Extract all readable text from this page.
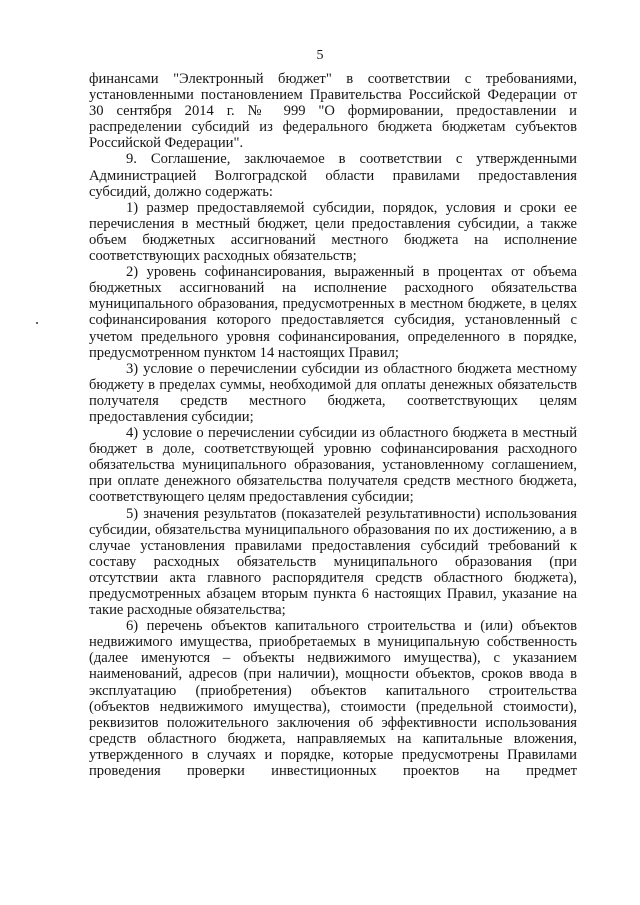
5

финансами "Электронный бюджет" в соответствии с требованиями, установленными постановлением Правительства Российской Федерации от 30 сентября 2014 г. № 999 "О формировании, предоставлении и распределении субсидий из федерального бюджета бюджетам субъектов Российской Федерации".

9. Соглашение, заключаемое в соответствии с утвержденными Администрацией Волгоградской области правилами предоставления субсидий, должно содержать:

1) размер предоставляемой субсидии, порядок, условия и сроки ее перечисления в местный бюджет, цели предоставления субсидии, а также объем бюджетных ассигнований местного бюджета на исполнение соответствующих расходных обязательств;

2) уровень софинансирования, выраженный в процентах от объема бюджетных ассигнований на исполнение расходного обязательства муниципального образования, предусмотренных в местном бюджете, в целях софинансирования которого предоставляется субсидия, установленный с учетом предельного уровня софинансирования, определенного в порядке, предусмотренном пунктом 14 настоящих Правил;

3) условие о перечислении субсидии из областного бюджета местному бюджету в пределах суммы, необходимой для оплаты денежных обязательств получателя средств местного бюджета, соответствующих целям предоставления субсидии;

4) условие о перечислении субсидии из областного бюджета в местный бюджет в доле, соответствующей уровню софинансирования расходного обязательства муниципального образования, установленному соглашением, при оплате денежного обязательства получателя средств местного бюджета, соответствующего целям предоставления субсидии;

5) значения результатов (показателей результативности) использования субсидии, обязательства муниципального образования по их достижению, а в случае установления правилами предоставления субсидий требований к составу расходных обязательств муниципального образования (при отсутствии акта главного распорядителя средств областного бюджета), предусмотренных абзацем вторым пункта 6 настоящих Правил, указание на такие расходные обязательства;

6) перечень объектов капитального строительства и (или) объектов недвижимого имущества, приобретаемых в муниципальную собственность (далее именуются – объекты недвижимого имущества), с указанием наименований, адресов (при наличии), мощности объектов, сроков ввода в эксплуатацию (приобретения) объектов капитального строительства (объектов недвижимого имущества), стоимости (предельной стоимости), реквизитов положительного заключения об эффективности использования средств областного бюджета, направляемых на капитальные вложения, утвержденного в случаях и порядке, которые предусмотрены Правилами проведения проверки инвестиционных проектов на предмет
